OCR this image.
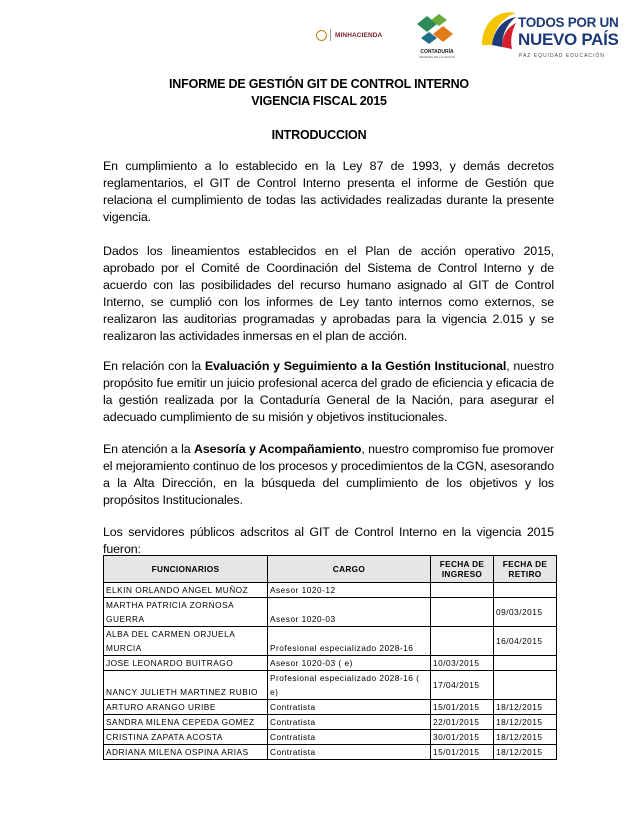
MINHACIENDA
CONTADURÍA
GENERAL DE LA NACIÓN
TODOS POR UN
NUEVO PAÍS
PAZ EQUIDAD EDUCACIÓN
INFORME DE GESTIÓN GIT DE CONTROL INTERNO
VIGENCIA FISCAL 2015
INTRODUCCION
En cumplimiento a lo establecido en la Ley 87 de 1993, y demás decretos reglamentarios, el GIT de Control Interno presenta el informe de Gestión que relaciona el cumplimiento de todas las actividades realizadas durante la presente vigencia.
Dados los lineamientos establecidos en el Plan de acción operativo 2015, aprobado por el Comité de Coordinación del Sistema de Control Interno y de acuerdo con las posibilidades del recurso humano asignado al GIT de Control Interno, se cumplió con los informes de Ley tanto internos como externos, se realizaron las auditorias programadas y aprobadas para la vigencia 2.015 y se realizaron las actividades inmersas en el plan de acción.
En relación con la Evaluación y Seguimiento a la Gestión Institucional, nuestro propósito fue emitir un juicio profesional acerca del grado de eficiencia y eficacia de la gestión realizada por la Contaduría General de la Nación, para asegurar el adecuado cumplimiento de su misión y objetivos institucionales.
En atención a la Asesoría y Acompañamiento, nuestro compromiso fue promover el mejoramiento continuo de los procesos y procedimientos de la CGN, asesorando a la Alta Dirección, en la búsqueda del cumplimiento de los objetivos y los propósitos Institucionales.
Los servidores públicos adscritos al GIT de Control Interno en la vigencia 2015 fueron:
FUNCIONARIOS	CARGO	FECHA DE INGRESO	FECHA DE RETIRO
ELKIN ORLANDO ANGEL MUÑOZ	Asesor 1020-12		
MARTHA PATRICIA ZORNOSA GUERRA	Asesor 1020-03		09/03/2015
ALBA DEL CARMEN ORJUELA MURCIA	Profesional especializado 2028-16		16/04/2015
JOSE LEONARDO BUITRAGO	Asesor 1020-03 ( e)	10/03/2015	
NANCY JULIETH MARTINEZ RUBIO	Profesional especializado 2028-16 ( e)	17/04/2015	
ARTURO ARANGO URIBE	Contratista	15/01/2015	18/12/2015
SANDRA MILENA CEPEDA GOMEZ	Contratista	22/01/2015	18/12/2015
CRISTINA ZAPATA ACOSTA	Contratista	30/01/2015	18/12/2015
ADRIANA MILENA OSPINA ARIAS	Contratista	15/01/2015	18/12/2015
